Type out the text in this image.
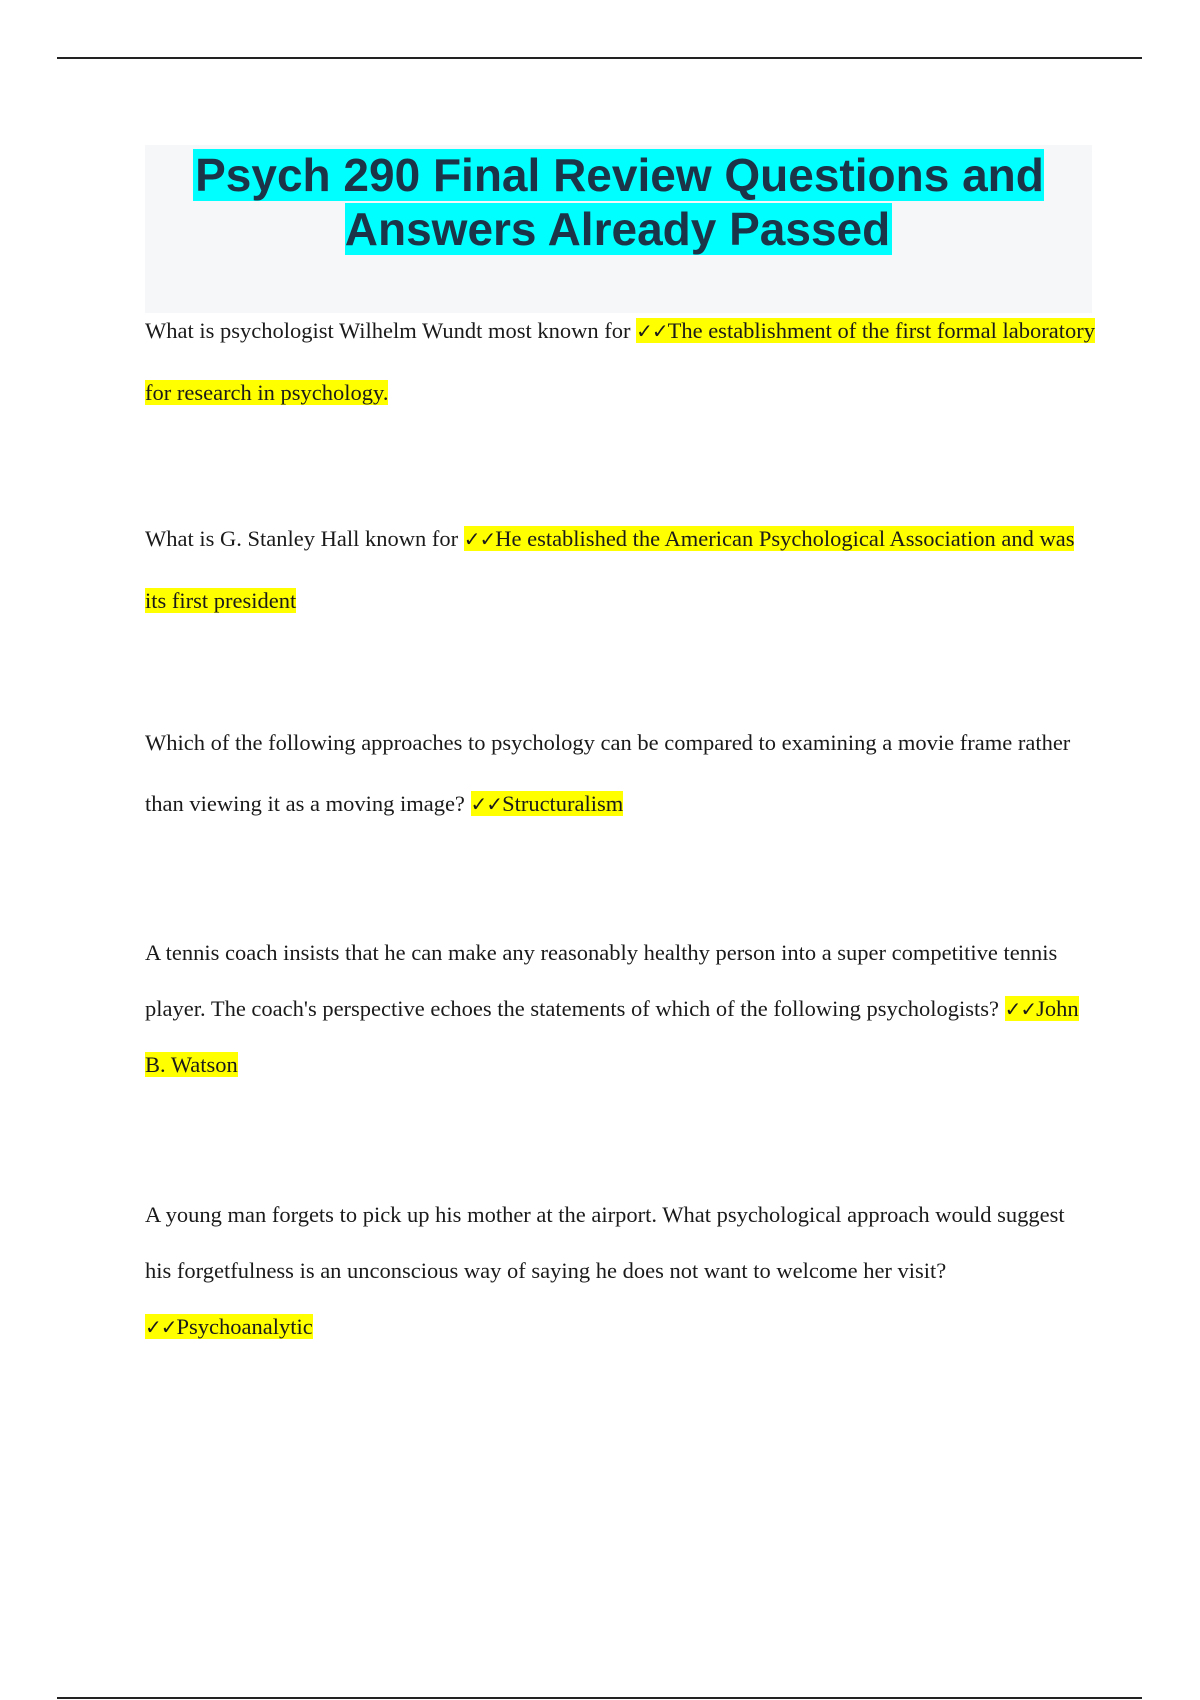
Psych 290 Final Review Questions and Answers Already Passed

What is psychologist Wilhelm Wundt most known for ✓✓The establishment of the first formal laboratory for research in psychology.

What is G. Stanley Hall known for ✓✓He established the American Psychological Association and was its first president

Which of the following approaches to psychology can be compared to examining a movie frame rather than viewing it as a moving image? ✓✓Structuralism

A tennis coach insists that he can make any reasonably healthy person into a super competitive tennis player. The coach's perspective echoes the statements of which of the following psychologists? ✓✓John B. Watson

A young man forgets to pick up his mother at the airport. What psychological approach would suggest his forgetfulness is an unconscious way of saying he does not want to welcome her visit? ✓✓Psychoanalytic
